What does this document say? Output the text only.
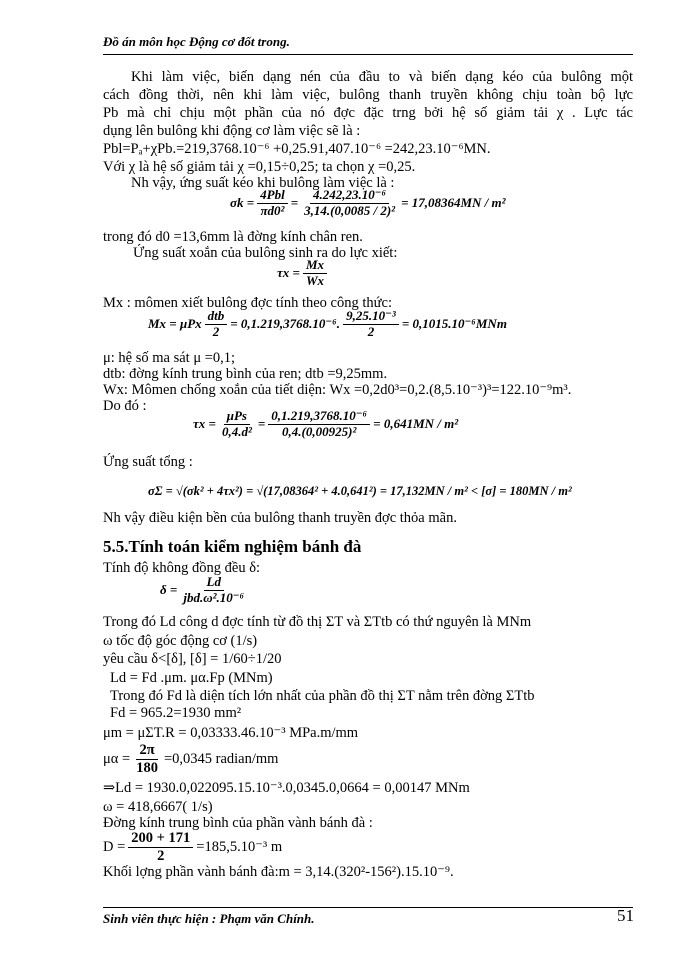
Đồ án môn học Động cơ đốt trong.
Khi làm việc, biến dạng nén của đầu to và biến dạng kéo của bulông một
cách đồng thời, nên khi làm việc, bulông thanh truyền không chịu toàn bộ lực
Pb mà chỉ chịu một phần của nó đợc đặc trng bởi hệ số giảm tải χ . Lực tác
dụng lên bulông khi động cơ làm việc sẽ là :
Pbl=Pₐ+χPb.=219,3768.10⁻⁶ +0,25.91,407.10⁻⁶ =242,23.10⁻⁶MN.
Với χ là hệ số giảm tải χ =0,15÷0,25; ta chọn χ =0,25.
Nh vậy, ứng suất kéo khi bulông làm việc là :
$\sigma k = \frac{\text{4Pbl}}{\text{πd0²}} = \frac{\text{4.242,23.10⁻⁶}}{\text{3,14.(0,0085 / 2)²}} = 17,08364MN / m^2$
trong đó d0 =13,6mm là đờng kính chân ren.
Ứng suất xoắn của bulông sinh ra do lực xiết:
$\tau x = \frac{Mx}{Wx}$
Mx : mômen xiết bulông đợc tính theo công thức:
Mx = μPx $\frac{\text{dtb}}{2} = 0,1.219,3768.10^{-6}$. $\frac{\text{9,25.10⁻³}}{2} = 0,1015.10^{-6}MNm$
μ: hệ số ma sát μ =0,1;
dtb: đờng kính trung bình của ren; dtb =9,25mm.
Wx: Mômen chống xoắn của tiết diện: Wx =0,2d0³=0,2.(8,5.10⁻³)³=122.10⁻⁹m³.
Do đó :
$\tau x = \frac{\text{μPs}}{\text{0,4.d²}} = \frac{\text{0,1.219,3768.10⁻⁶}}{\text{0,4.(0,00925)²}} = 0,641MN / m^2$
Ứng suất tổng :
σΣ = √(σk² + 4τx²) = √(17,08364² + 4.0,641²) = 17,132MN / m² < [σ] = 180MN / m²
Nh vậy điều kiện bền của bulông thanh truyền đợc thỏa mãn.
5.5.Tính toán kiểm nghiệm bánh đà
Tính độ không đồng đều δ:
$\delta = \frac{Ld}{\text{jbd.ω².10⁻⁶}}$
Trong đó Ld công d đợc tính từ đồ thị ΣT và ΣTtb có thứ nguyên là MNm
ω tốc độ góc động cơ (1/s)
yêu cầu δ<[δ], [δ] = 1/60÷1/20
Ld = Fd .μm. μα.Fp (MNm)
Trong đó Fd là diện tích lớn nhất của phần đồ thị ΣT nằm trên đờng ΣTtb
Fd = 965.2=1930 mm²
μm = μΣT.R = 0,03333.46.10⁻³ MPa.m/mm
$\mu\alpha = \frac{2\pi}{180} =0,0345$ radian/mm
⇒Ld = 1930.0,022095.15.10⁻³.0,0345.0,0664 = 0,00147 MNm
ω = 418,6667( 1/s)
Đờng kính trung bình của phần vành bánh đà :
$D = \frac{200 + 171}{2} =185,5.10^{-3}$ m
Khối lợng phần vành bánh đà:m = 3,14.(320²-156²).15.10⁻⁹.
Sinh viên thực hiện : Phạm văn Chính.	51
